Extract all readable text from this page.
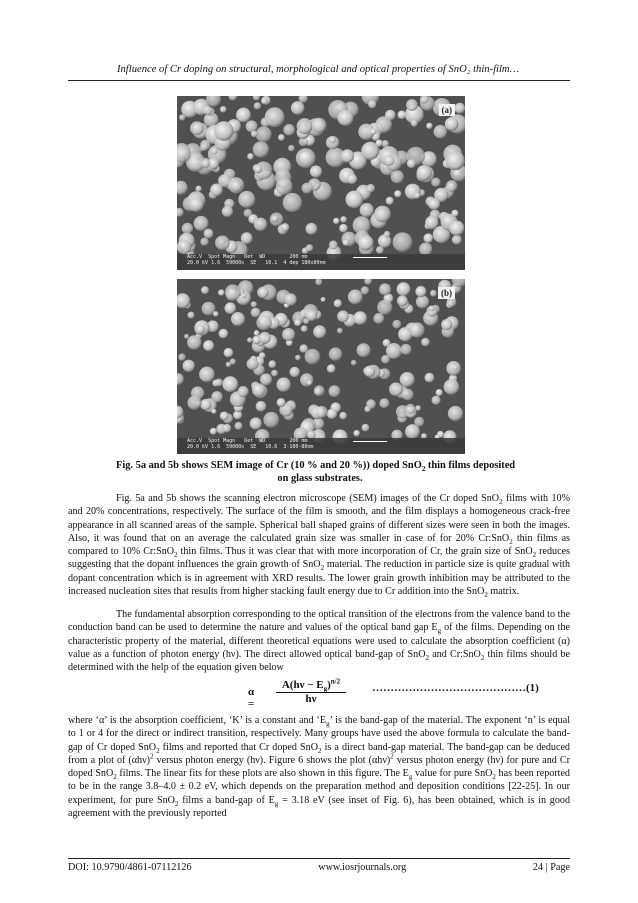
Influence of Cr doping on structural, morphological and optical properties of SnO₂ thin-film…
(a)
Acc.V  Spot Magn   Det  WD        200 nm
20.0 kV 1.6  59000x  SE   10.1  4 dep 180x80nm
(b)
Acc.V  Spot Magn   Det  WD        200 nm
20.0 kV 1.6  59000x  SE   10.6  3-100-80nm
Fig. 5a and 5b shows SEM image of Cr (10 % and 20 %)) doped SnO$_2$ thin films deposited
on glass substrates.

Fig. 5a and 5b shows the scanning electron microscope (SEM) images of the Cr doped SnO$_2$ films with 10% and 20% concentrations, respectively. The surface of the film is smooth, and the film displays a homogeneous crack-free appearance in all scanned areas of the sample. Spherical ball shaped grains of different sizes were seen in both the images. Also, it was found that on an average the calculated grain size was smaller in case of for 20% Cr:SnO$_2$ thin films as compared to 10% Cr:SnO$_2$ thin films. Thus it was clear that with more incorporation of Cr, the grain size of SnO$_2$ reduces suggesting that the dopant influences the grain growth of SnO$_2$ material. The reduction in particle size is quite gradual with dopant concentration which is in agreement with XRD results. The lower grain growth inhibition may be attributed to the increased nucleation sites that results from higher stacking fault energy due to Cr addition into the SnO$_2$ matrix.

The fundamental absorption corresponding to the optical transition of the electrons from the valence band to the conduction band can be used to determine the nature and values of the optical band gap $E_g$ of the films. Depending on the characteristic property of the material, different theoretical equations were used to calculate the absorption coefficient (α) value as a function of photon energy (hν). The direct allowed optical band-gap of SnO$_2$ and Cr:SnO$_2$ thin films should be determined with the help of the equation given below

$\alpha = \frac{A(h\nu - E_g)^{n/2}}{h\nu}$ ……………………………………(1)

where ‘α’ is the absorption coefficient, ‘K’ is a constant and ‘$E_g$’ is the band-gap of the material. The exponent ‘n’ is equal to 1 or 4 for the direct or indirect transition, respectively. Many groups have used the above formula to calculate the band-gap of Cr doped SnO$_2$ films and reported that Cr doped SnO$_2$ is a direct band-gap material. The band-gap can be deduced from a plot of $(\alpha h\nu)^2$ versus photon energy (hν). Figure 6 shows the plot $(\alpha h\nu)^2$ versus photon energy (hν) for pure and Cr doped SnO$_2$ films. The linear fits for these plots are also shown in this figure. The $E_g$ value for pure SnO$_2$ has been reported to be in the range 3.8–4.0 ± 0.2 eV, which depends on the preparation method and deposition conditions [22-25]. In our experiment, for pure SnO$_2$ films a band-gap of $E_g = 3.18$ eV (see inset of Fig. 6), has been obtained, which is in good agreement with the previously reported

DOI: 10.9790/4861-07112126	www.iosrjournals.org	24 | Page
